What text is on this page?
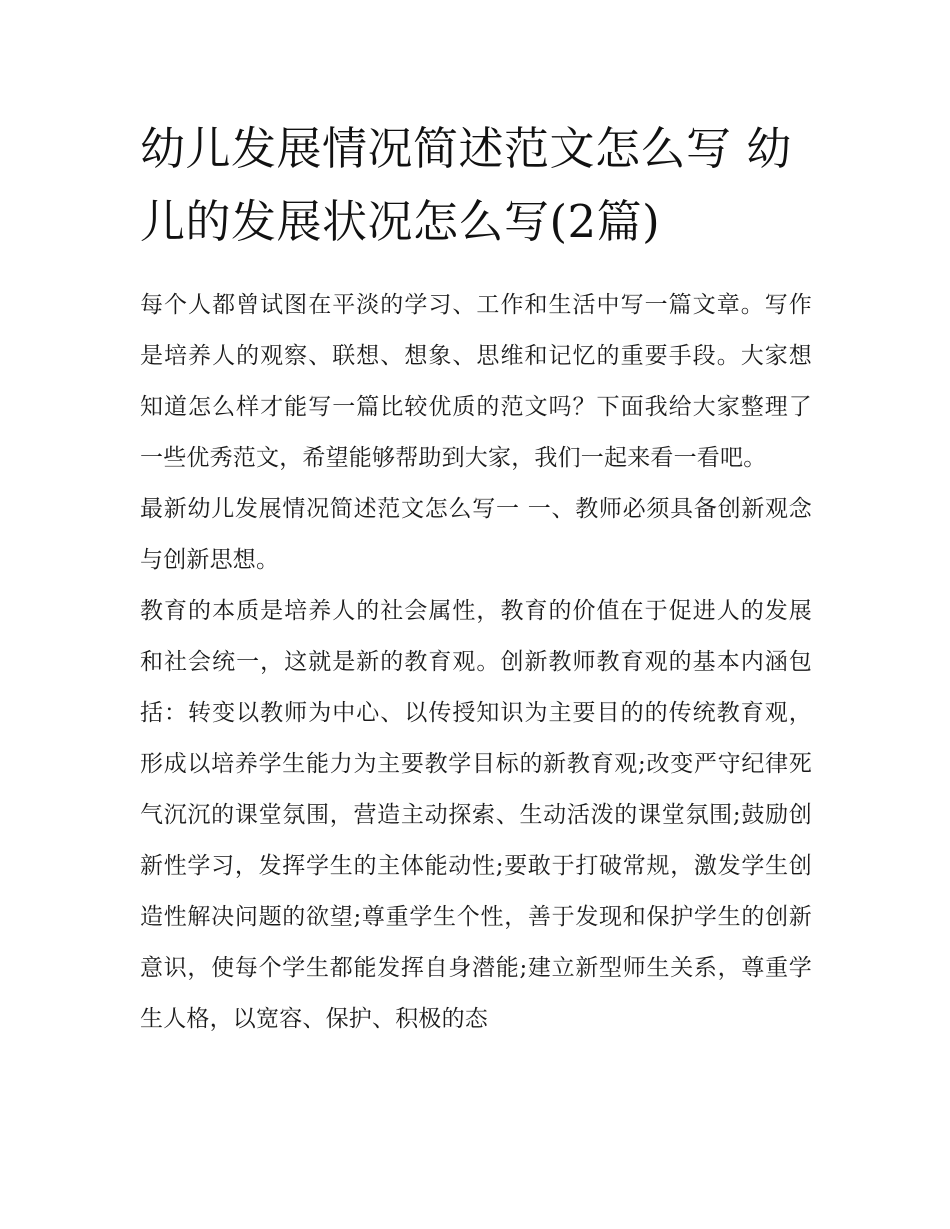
幼儿发展情况简述范文怎么写 幼儿的发展状况怎么写(2篇)

每个人都曾试图在平淡的学习、工作和生活中写一篇文章。写作是培养人的观察、联想、想象、思维和记忆的重要手段。大家想知道怎么样才能写一篇比较优质的范文吗？下面我给大家整理了一些优秀范文，希望能够帮助到大家，我们一起来看一看吧。

最新幼儿发展情况简述范文怎么写一 一、教师必须具备创新观念与创新思想。

教育的本质是培养人的社会属性，教育的价值在于促进人的发展和社会统一，这就是新的教育观。创新教师教育观的基本内涵包括：转变以教师为中心、以传授知识为主要目的的传统教育观，形成以培养学生能力为主要教学目标的新教育观;改变严守纪律死气沉沉的课堂氛围，营造主动探索、生动活泼的课堂氛围;鼓励创新性学习，发挥学生的主体能动性;要敢于打破常规，激发学生创造性解决问题的欲望;尊重学生个性，善于发现和保护学生的创新意识，使每个学生都能发挥自身潜能;建立新型师生关系，尊重学生人格，以宽容、保护、积极的态
